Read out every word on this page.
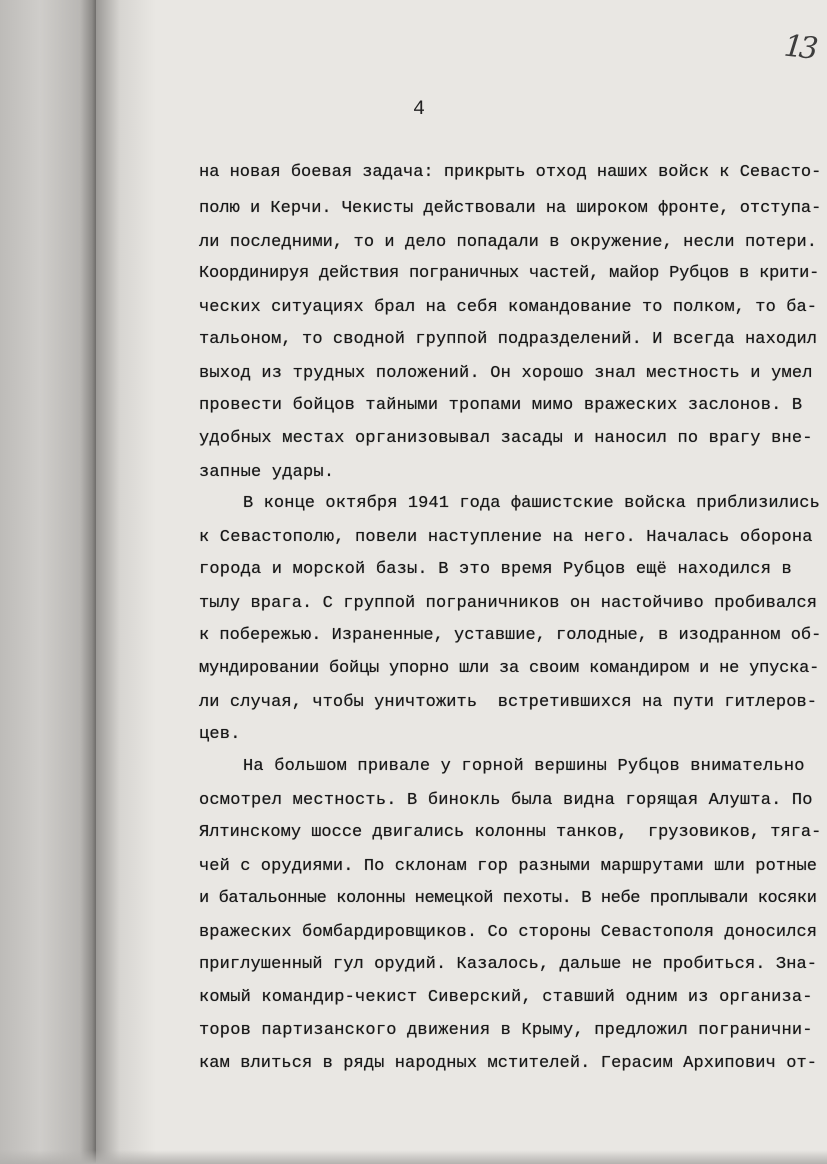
13
4
на новая боевая задача: прикрыть отход наших войск к Севасто-
полю и Керчи. Чекисты действовали на широком фронте, отступа-
ли последними, то и дело попадали в окружение, несли потери.
Координируя действия пограничных частей, майор Рубцов в крити-
ческих ситуациях брал на себя командование то полком, то ба-
тальоном, то сводной группой подразделений. И всегда находил
выход из трудных положений. Он хорошо знал местность и умел
провести бойцов тайными тропами мимо вражеских заслонов. В
удобных местах организовывал засады и наносил по врагу вне-
запные удары.
В конце октября 1941 года фашистские войска приблизились
к Севастополю, повели наступление на него. Началась оборона
города и морской базы. В это время Рубцов ещё находился в
тылу врага. С группой пограничников он настойчиво пробивался
к побережью. Израненные, уставшие, голодные, в изодранном об-
мундировании бойцы упорно шли за своим командиром и не упуска-
ли случая, чтобы уничтожить  встретившихся на пути гитлеров-
цев.
На большом привале у горной вершины Рубцов внимательно
осмотрел местность. В бинокль была видна горящая Алушта. По
Ялтинскому шоссе двигались колонны танков,  грузовиков, тяга-
чей с орудиями. По склонам гор разными маршрутами шли ротные
и батальонные колонны немецкой пехоты. В небе проплывали косяки
вражеских бомбардировщиков. Со стороны Севастополя доносился
приглушенный гул орудий. Казалось, дальше не пробиться. Зна-
комый командир-чекист Сиверский, ставший одним из организа-
торов партизанского движения в Крыму, предложил погранични-
кам влиться в ряды народных мстителей. Герасим Архипович от-
